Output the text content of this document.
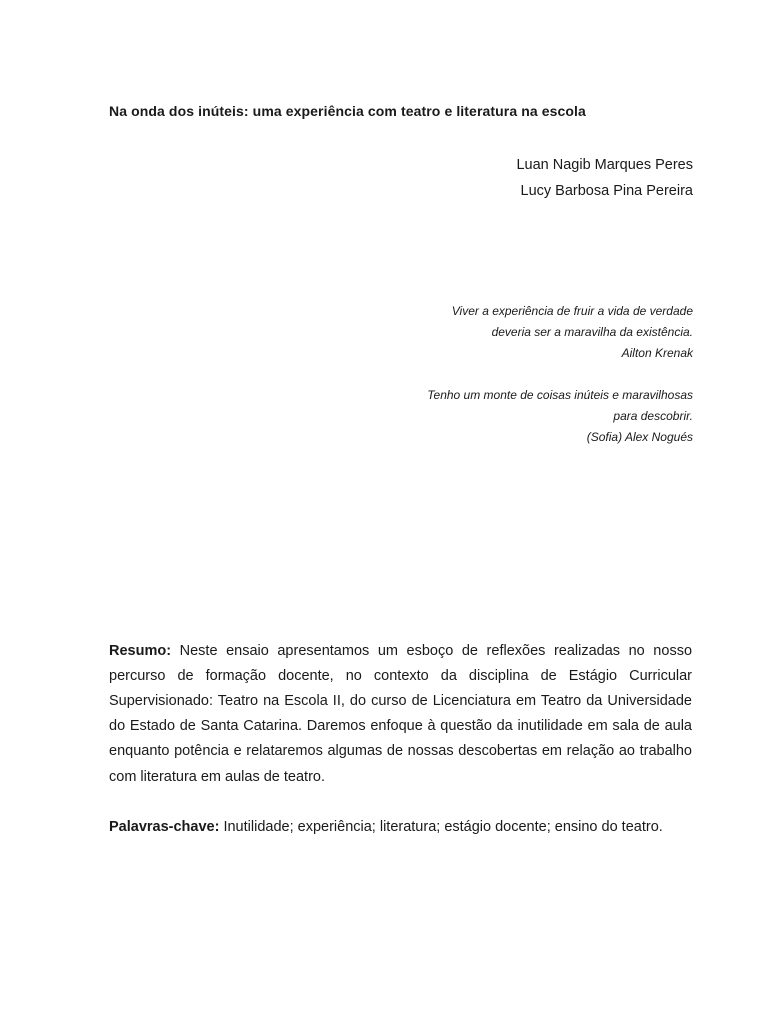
Na onda dos inúteis: uma experiência com teatro e literatura na escola
Luan Nagib Marques Peres
Lucy Barbosa Pina Pereira
Viver a experiência de fruir a vida de verdade
deveria ser a maravilha da existência.
Ailton Krenak
Tenho um monte de coisas inúteis e maravilhosas
para descobrir.
(Sofia) Alex Nogués

Resumo: Neste ensaio apresentamos um esboço de reflexões realizadas no nosso percurso de formação docente, no contexto da disciplina de Estágio Curricular Supervisionado: Teatro na Escola II, do curso de Licenciatura em Teatro da Universidade do Estado de Santa Catarina. Daremos enfoque à questão da inutilidade em sala de aula enquanto potência e relataremos algumas de nossas descobertas em relação ao trabalho com literatura em aulas de teatro.

Palavras-chave: Inutilidade; experiência; literatura; estágio docente; ensino do teatro.
